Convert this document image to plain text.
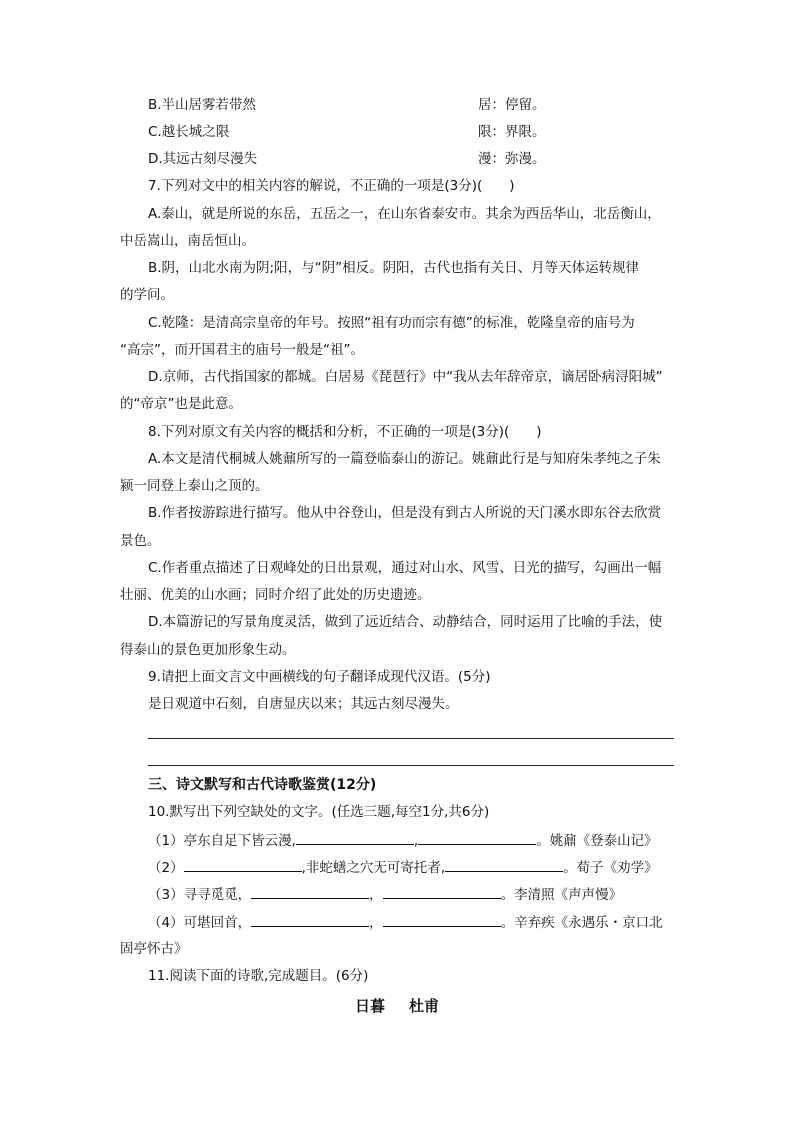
B.半山居雾若带然	居：停留。
C.越长城之限	限：界限。
D.其远古刻尽漫失	漫：弥漫。
7.下列对文中的相关内容的解说，不正确的一项是(3分)(　　)
A.泰山，就是所说的东岳，五岳之一，在山东省泰安市。其余为西岳华山，北岳衡山，
中岳嵩山，南岳恒山。
B.阴，山北水南为阴;阳，与“阴”相反。阴阳，古代也指有关日、月等天体运转规律
的学问。
C.乾隆：是清高宗皇帝的年号。按照“祖有功而宗有德”的标准，乾隆皇帝的庙号为
“高宗”，而开国君主的庙号一般是“祖”。
D.京师，古代指国家的都城。白居易《琵琶行》中“我从去年辞帝京，谪居卧病浔阳城”
的“帝京”也是此意。
8.下列对原文有关内容的概括和分析，不正确的一项是(3分)(　　)
A.本文是清代桐城人姚鼐所写的一篇登临泰山的游记。姚鼐此行是与知府朱孝纯之子朱
颍一同登上泰山之顶的。
B.作者按游踪进行描写。他从中谷登山，但是没有到古人所说的天门溪水即东谷去欣赏
景色。
C.作者重点描述了日观峰处的日出景观，通过对山水、风雪、日光的描写，勾画出一幅
壮丽、优美的山水画；同时介绍了此处的历史遗迹。
D.本篇游记的写景角度灵活，做到了远近结合、动静结合，同时运用了比喻的手法，使
得泰山的景色更加形象生动。
9.请把上面文言文中画横线的句子翻译成现代汉语。(5分)
是日观道中石刻，自唐显庆以来；其远古刻尽漫失。
三、诗文默写和古代诗歌鉴赏(12分)
10.默写出下列空缺处的文字。(任选三题,每空1分,共6分)
（1）亭东自足下皆云漫,	,	。姚鼐《登泰山记》
（2）	,非蛇蟮之穴无可寄托者,	。荀子《劝学》
（3）寻寻觅觅，	，	。李清照《声声慢》
（4）可堪回首，	，	。辛弃疾《永遇乐・京口北
固亭怀古》
11.阅读下面的诗歌,完成题目。(6分)
日暮 杜甫
